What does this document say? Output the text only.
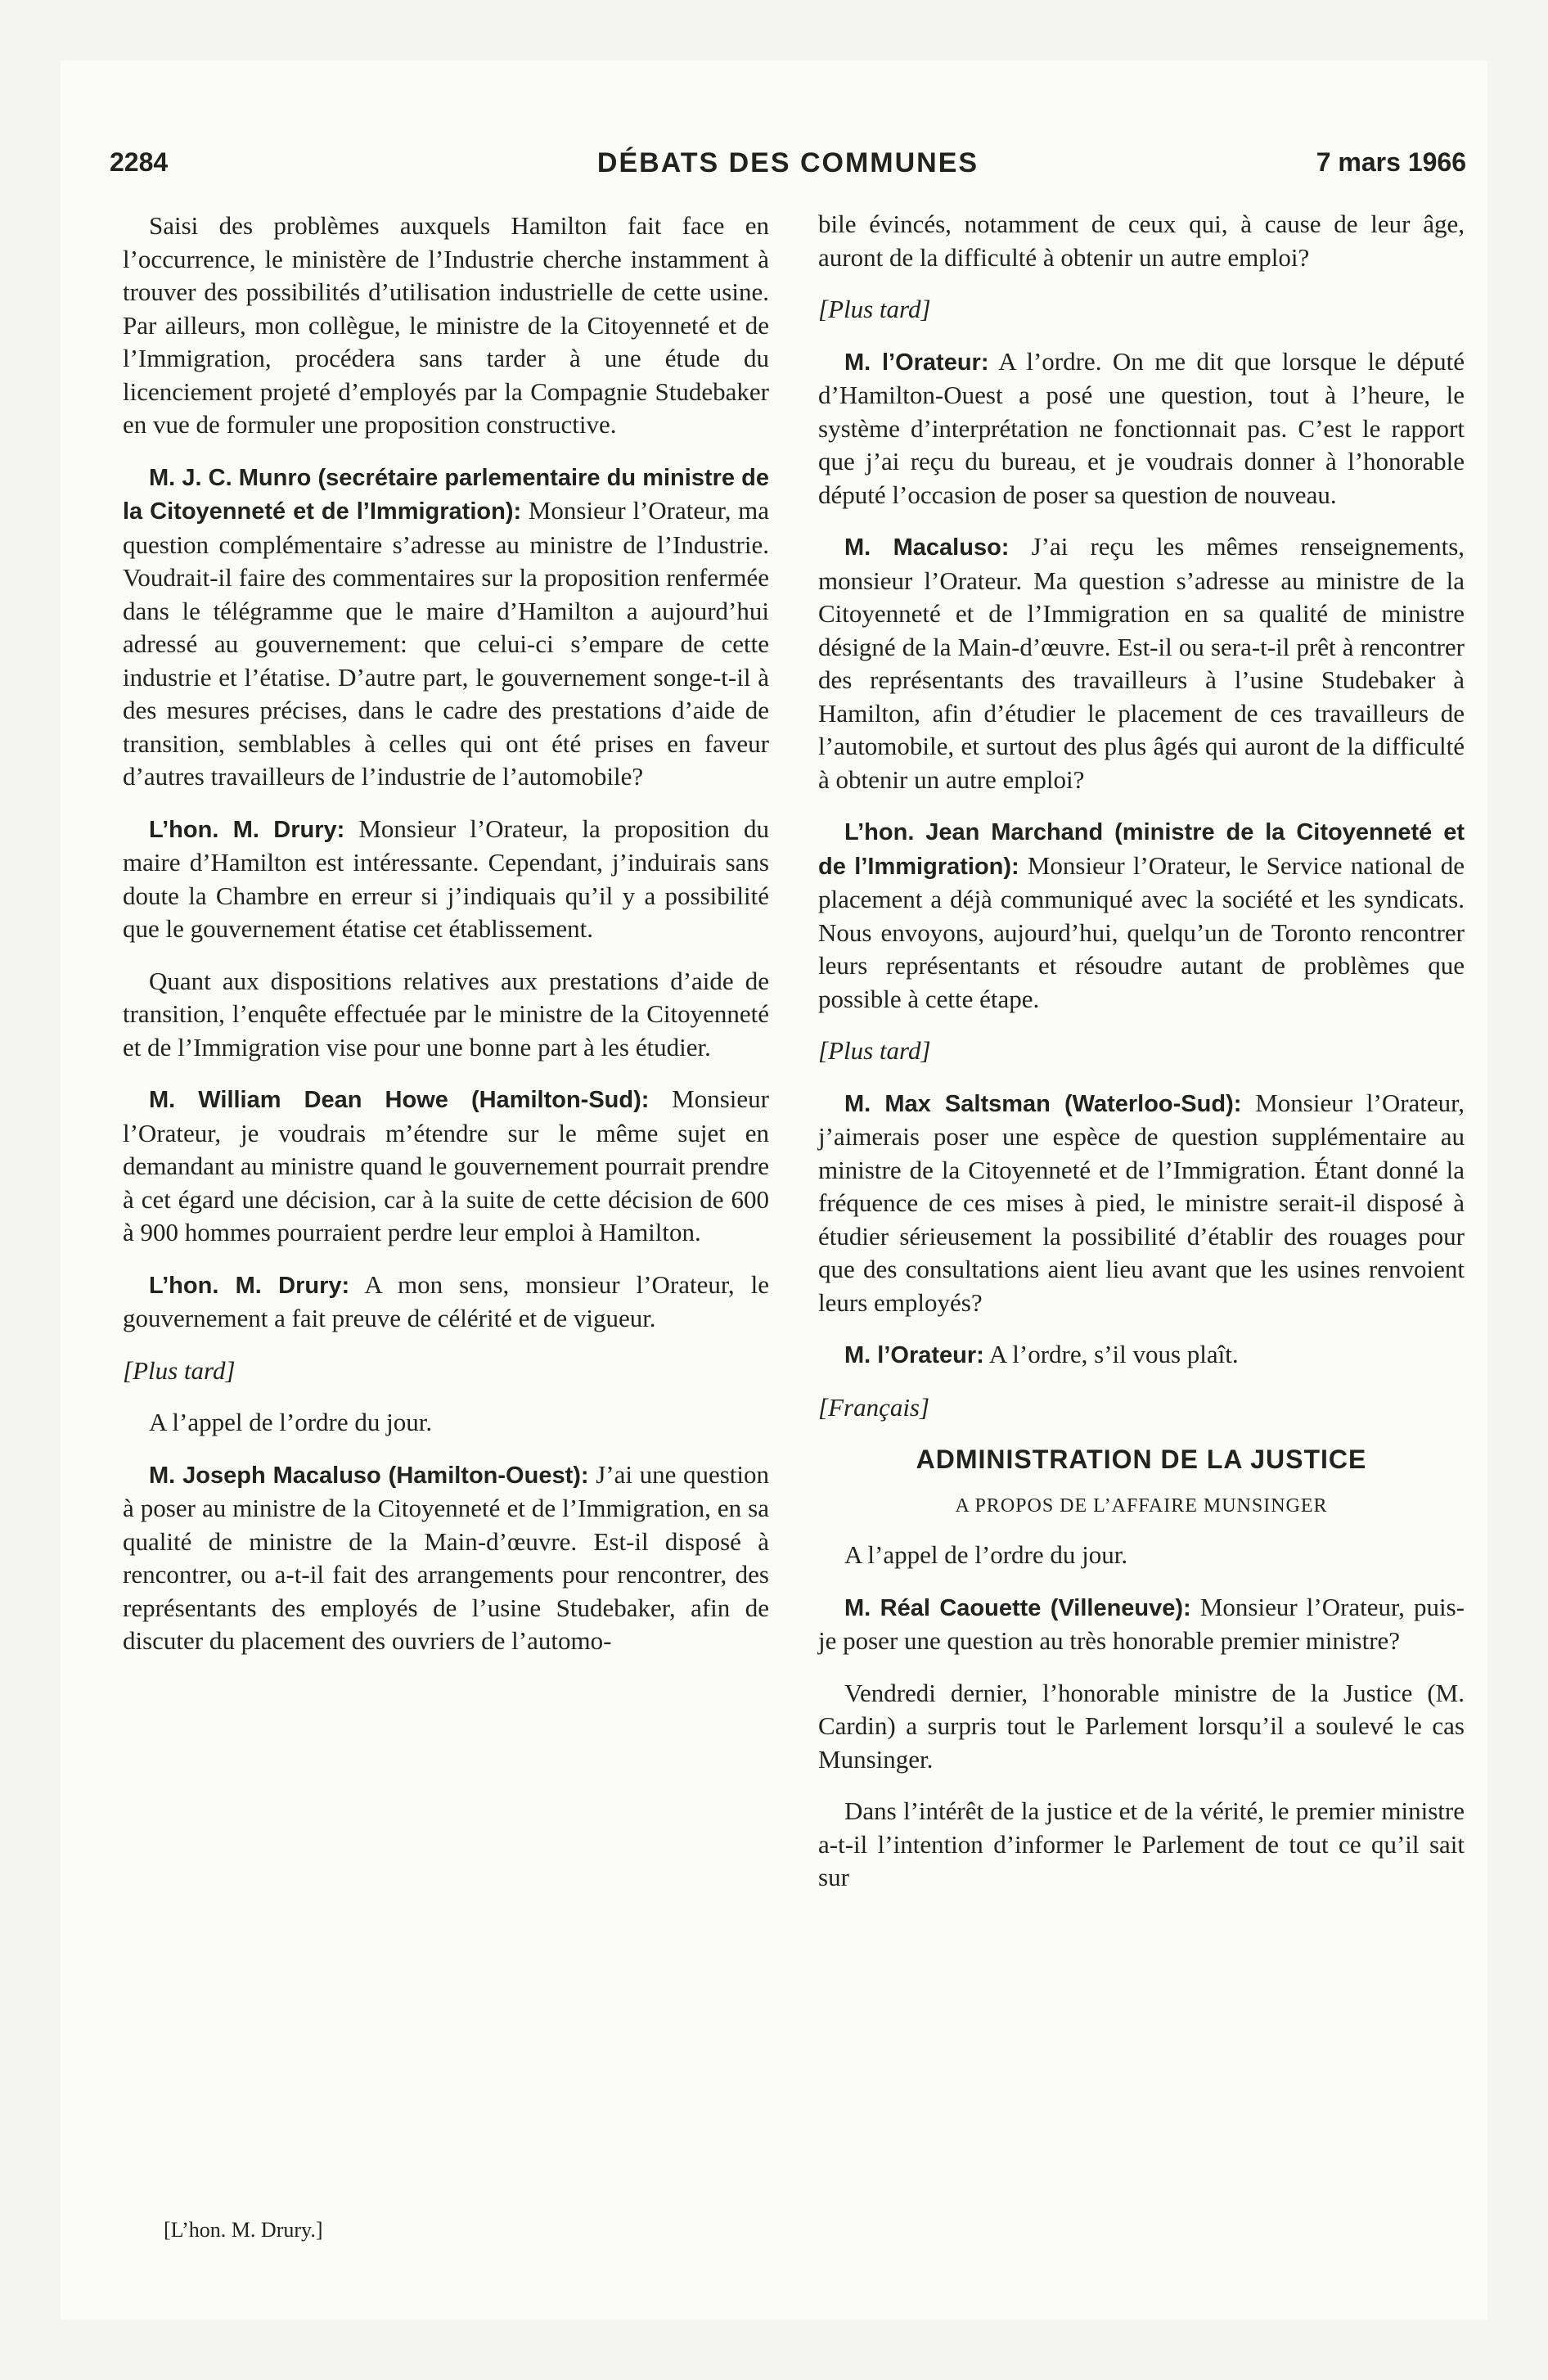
2284	DÉBATS DES COMMUNES	7 mars 1966

Saisi des problèmes auxquels Hamilton fait face en l’occurrence, le ministère de l’Industrie cherche instamment à trouver des possibilités d’utilisation industrielle de cette usine. Par ailleurs, mon collègue, le ministre de la Citoyenneté et de l’Immigration, procédera sans tarder à une étude du licenciement projeté d’employés par la Compagnie Studebaker en vue de formuler une proposition constructive.

M. J. C. Munro (secrétaire parlementaire du ministre de la Citoyenneté et de l’Immigration): Monsieur l’Orateur, ma question complémentaire s’adresse au ministre de l’Industrie. Voudrait-il faire des commentaires sur la proposition renfermée dans le télégramme que le maire d’Hamilton a aujourd’hui adressé au gouvernement: que celui-ci s’empare de cette industrie et l’étatise. D’autre part, le gouvernement songe-t-il à des mesures précises, dans le cadre des prestations d’aide de transition, semblables à celles qui ont été prises en faveur d’autres travailleurs de l’industrie de l’automobile?

L’hon. M. Drury: Monsieur l’Orateur, la proposition du maire d’Hamilton est intéressante. Cependant, j’induirais sans doute la Chambre en erreur si j’indiquais qu’il y a possibilité que le gouvernement étatise cet établissement.

Quant aux dispositions relatives aux prestations d’aide de transition, l’enquête effectuée par le ministre de la Citoyenneté et de l’Immigration vise pour une bonne part à les étudier.

M. William Dean Howe (Hamilton-Sud): Monsieur l’Orateur, je voudrais m’étendre sur le même sujet en demandant au ministre quand le gouvernement pourrait prendre à cet égard une décision, car à la suite de cette décision de 600 à 900 hommes pourraient perdre leur emploi à Hamilton.

L’hon. M. Drury: A mon sens, monsieur l’Orateur, le gouvernement a fait preuve de célérité et de vigueur.

[Plus tard]

A l’appel de l’ordre du jour.

M. Joseph Macaluso (Hamilton-Ouest): J’ai une question à poser au ministre de la Citoyenneté et de l’Immigration, en sa qualité de ministre de la Main-d’œuvre. Est-il disposé à rencontrer, ou a-t-il fait des arrangements pour rencontrer, des représentants des employés de l’usine Studebaker, afin de discuter du placement des ouvriers de l’automo-

bile évincés, notamment de ceux qui, à cause de leur âge, auront de la difficulté à obtenir un autre emploi?

[Plus tard]

M. l’Orateur: A l’ordre. On me dit que lorsque le député d’Hamilton-Ouest a posé une question, tout à l’heure, le système d’interprétation ne fonctionnait pas. C’est le rapport que j’ai reçu du bureau, et je voudrais donner à l’honorable député l’occasion de poser sa question de nouveau.

M. Macaluso: J’ai reçu les mêmes renseignements, monsieur l’Orateur. Ma question s’adresse au ministre de la Citoyenneté et de l’Immigration en sa qualité de ministre désigné de la Main-d’œuvre. Est-il ou sera-t-il prêt à rencontrer des représentants des travailleurs à l’usine Studebaker à Hamilton, afin d’étudier le placement de ces travailleurs de l’automobile, et surtout des plus âgés qui auront de la difficulté à obtenir un autre emploi?

L’hon. Jean Marchand (ministre de la Citoyenneté et de l’Immigration): Monsieur l’Orateur, le Service national de placement a déjà communiqué avec la société et les syndicats. Nous envoyons, aujourd’hui, quelqu’un de Toronto rencontrer leurs représentants et résoudre autant de problèmes que possible à cette étape.

[Plus tard]

M. Max Saltsman (Waterloo-Sud): Monsieur l’Orateur, j’aimerais poser une espèce de question supplémentaire au ministre de la Citoyenneté et de l’Immigration. Étant donné la fréquence de ces mises à pied, le ministre serait-il disposé à étudier sérieusement la possibilité d’établir des rouages pour que des consultations aient lieu avant que les usines renvoient leurs employés?

M. l’Orateur: A l’ordre, s’il vous plaît.

[Français]

ADMINISTRATION DE LA JUSTICE
A PROPOS DE L’AFFAIRE MUNSINGER

A l’appel de l’ordre du jour.

M. Réal Caouette (Villeneuve): Monsieur l’Orateur, puis-je poser une question au très honorable premier ministre?

Vendredi dernier, l’honorable ministre de la Justice (M. Cardin) a surpris tout le Parlement lorsqu’il a soulevé le cas Munsinger.

Dans l’intérêt de la justice et de la vérité, le premier ministre a-t-il l’intention d’informer le Parlement de tout ce qu’il sait sur

[L’hon. M. Drury.]
